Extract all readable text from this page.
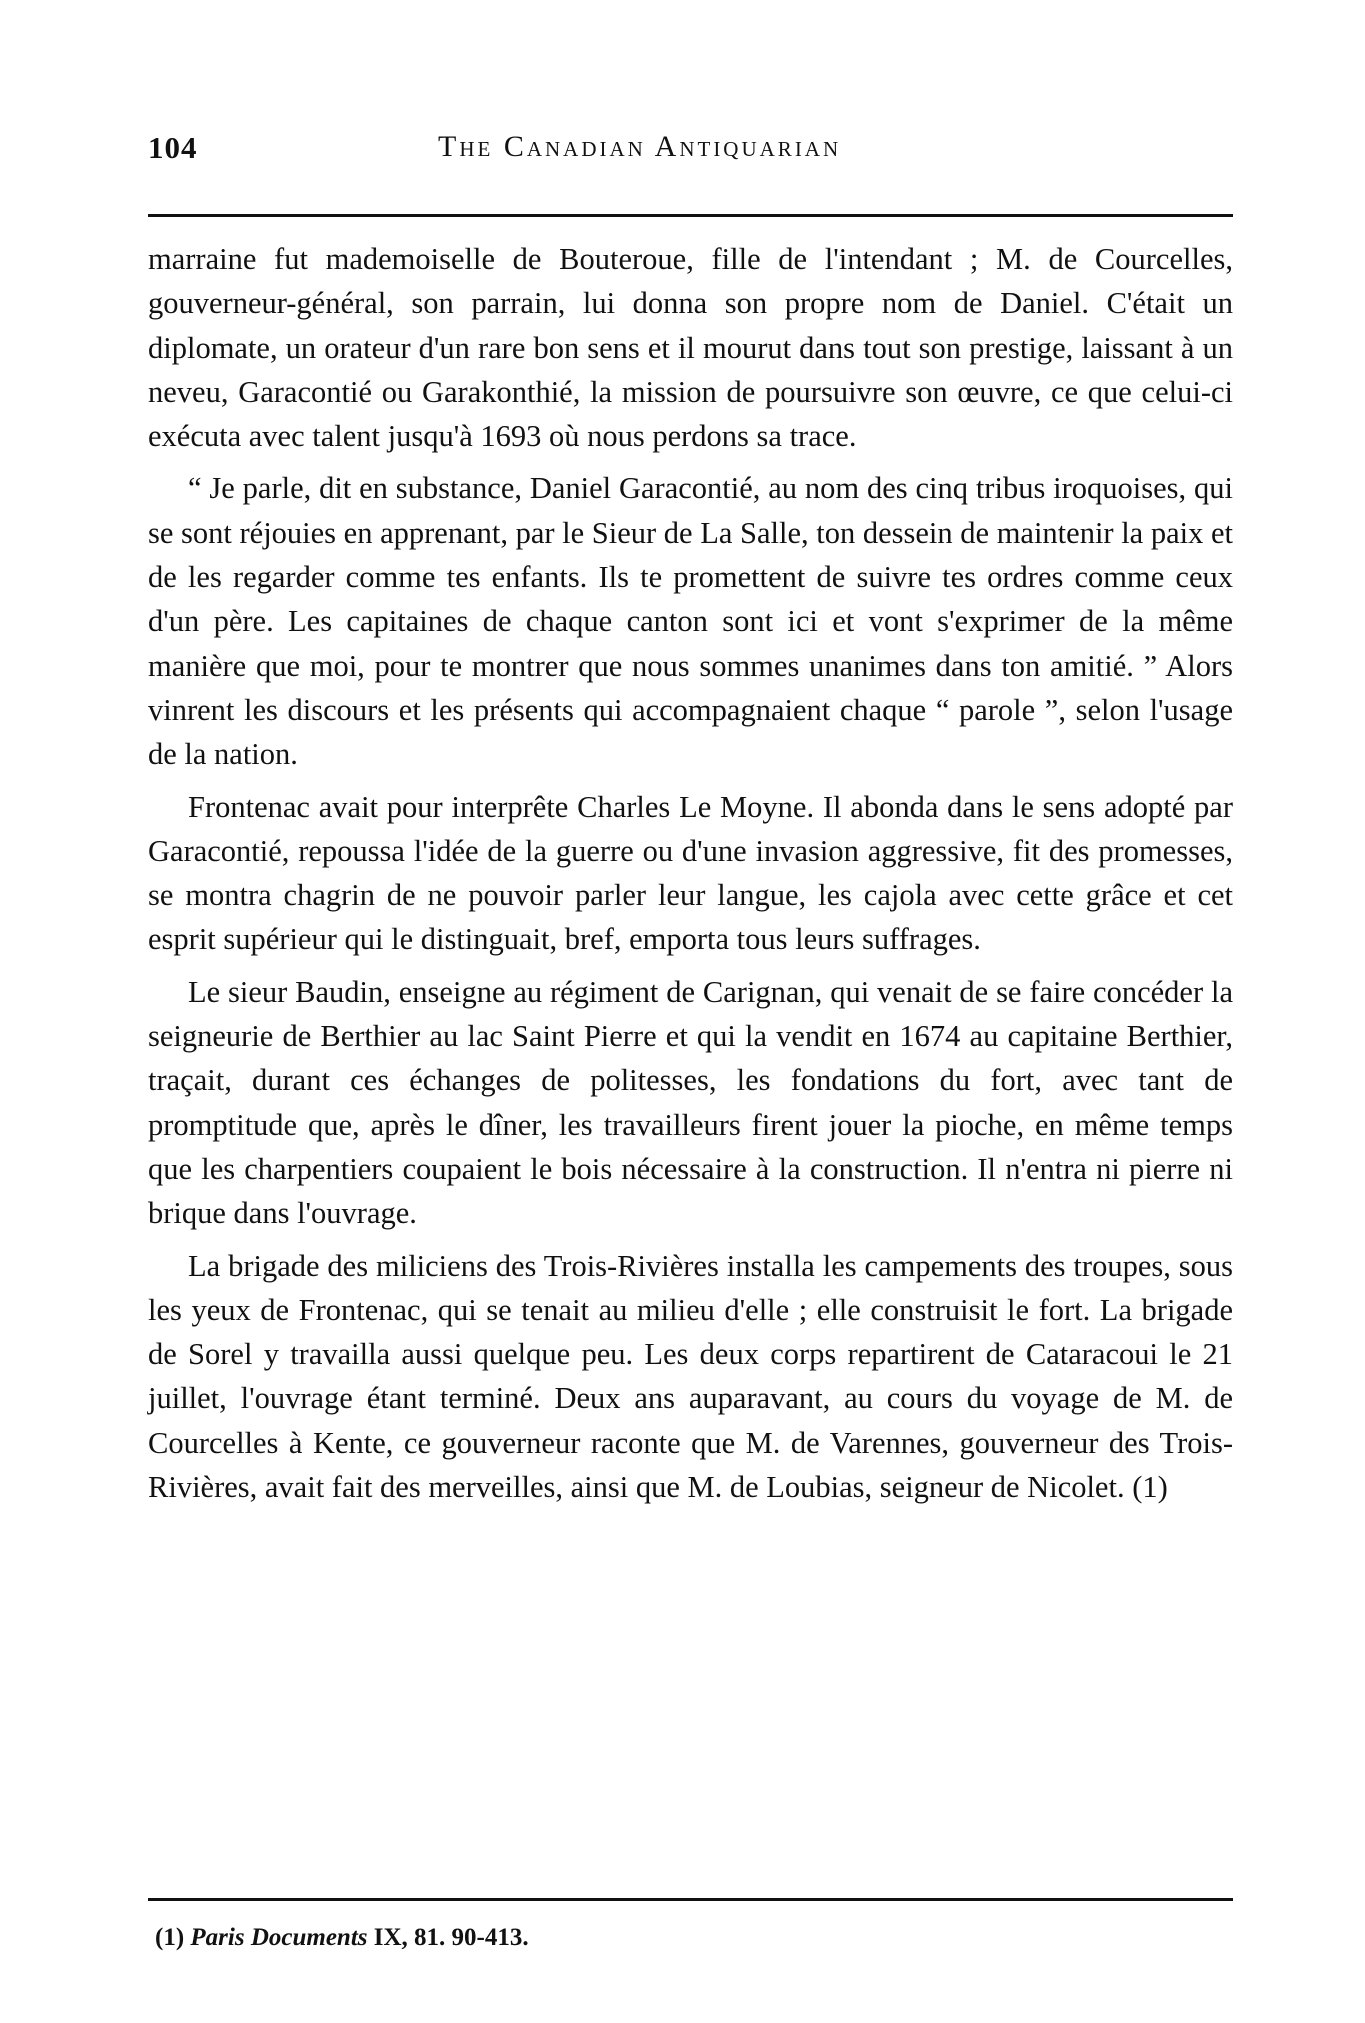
104	The Canadian Antiquarian

marraine fut mademoiselle de Bouteroue, fille de l'intendant ; M. de Courcelles, gouverneur-général, son parrain, lui donna son propre nom de Daniel. C'était un diplomate, un orateur d'un rare bon sens et il mourut dans tout son prestige, laissant à un neveu, Garacontié ou Garakonthié, la mission de poursuivre son œuvre, ce que celui-ci exécuta avec talent jusqu'à 1693 où nous perdons sa trace.

“ Je parle, dit en substance, Daniel Garacontié, au nom des cinq tribus iroquoises, qui se sont réjouies en apprenant, par le Sieur de La Salle, ton dessein de maintenir la paix et de les regarder comme tes enfants. Ils te promettent de suivre tes ordres comme ceux d'un père. Les capitaines de chaque canton sont ici et vont s'exprimer de la même manière que moi, pour te montrer que nous sommes unanimes dans ton amitié. ” Alors vinrent les discours et les présents qui accompagnaient chaque “ parole ”, selon l'usage de la nation.

Frontenac avait pour interprête Charles Le Moyne. Il abonda dans le sens adopté par Garacontié, repoussa l'idée de la guerre ou d'une invasion aggressive, fit des promesses, se montra chagrin de ne pouvoir parler leur langue, les cajola avec cette grâce et cet esprit supérieur qui le distinguait, bref, emporta tous leurs suffrages.

Le sieur Baudin, enseigne au régiment de Carignan, qui venait de se faire concéder la seigneurie de Berthier au lac Saint Pierre et qui la vendit en 1674 au capitaine Berthier, traçait, durant ces échanges de politesses, les fondations du fort, avec tant de promptitude que, après le dîner, les travailleurs firent jouer la pioche, en même temps que les charpentiers coupaient le bois nécessaire à la construction. Il n'entra ni pierre ni brique dans l'ouvrage.

La brigade des miliciens des Trois-Rivières installa les campements des troupes, sous les yeux de Frontenac, qui se tenait au milieu d'elle ; elle construisit le fort. La brigade de Sorel y travailla aussi quelque peu. Les deux corps repartirent de Cataracoui le 21 juillet, l'ouvrage étant terminé. Deux ans auparavant, au cours du voyage de M. de Courcelles à Kente, ce gouverneur raconte que M. de Varennes, gouverneur des Trois-Rivières, avait fait des merveilles, ainsi que M. de Loubias, seigneur de Nicolet. (1)

(1) Paris Documents IX, 81. 90-413.
